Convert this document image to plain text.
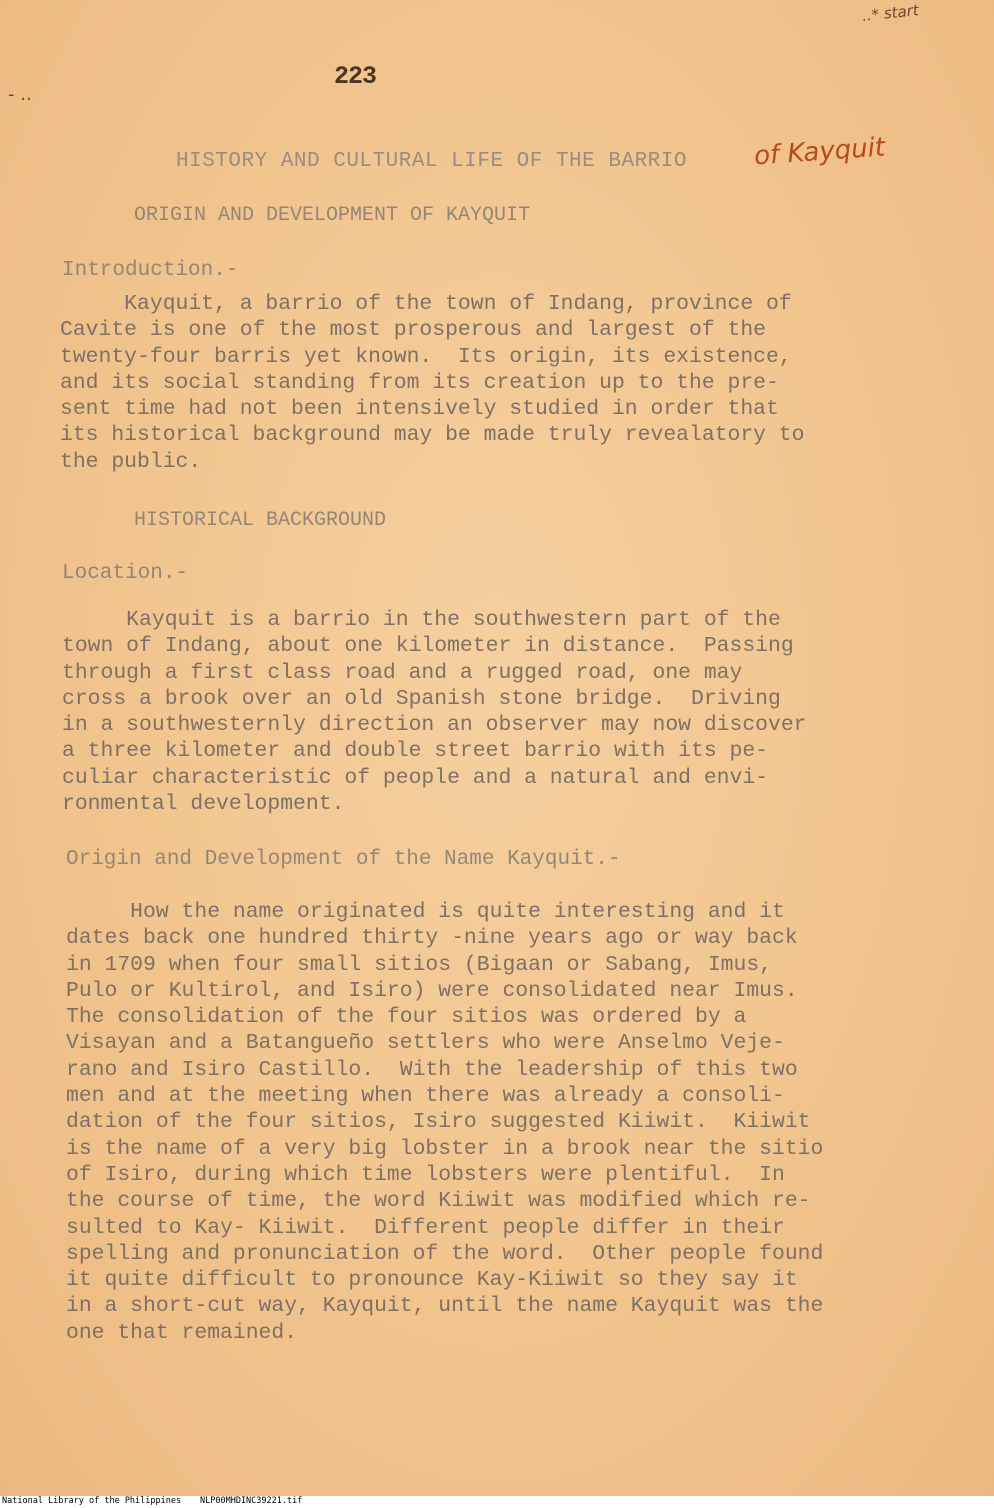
..* start
- ..
223
HISTORY AND CULTURAL LIFE OF THE BARRIO	of Kayquit
ORIGIN AND DEVELOPMENT OF KAYQUIT
Introduction.-
Kayquit, a barrio of the town of Indang, province of
Cavite is one of the most prosperous and largest of the
twenty-four barris yet known.  Its origin, its existence,
and its social standing from its creation up to the pre-
sent time had not been intensively studied in order that
its historical background may be made truly revealatory to
the public.
HISTORICAL BACKGROUND
Location.-
Kayquit is a barrio in the southwestern part of the
town of Indang, about one kilometer in distance.  Passing
through a first class road and a rugged road, one may
cross a brook over an old Spanish stone bridge.  Driving
in a southwesternly direction an observer may now discover
a three kilometer and double street barrio with its pe-
culiar characteristic of people and a natural and envi-
ronmental development.
Origin and Development of the Name Kayquit.-
How the name originated is quite interesting and it
dates back one hundred thirty -nine years ago or way back
in 1709 when four small sitios (Bigaan or Sabang, Imus,
Pulo or Kultirol, and Isiro) were consolidated near Imus.
The consolidation of the four sitios was ordered by a
Visayan and a Batangueño settlers who were Anselmo Veje-
rano and Isiro Castillo.  With the leadership of this two
men and at the meeting when there was already a consoli-
dation of the four sitios, Isiro suggested Kiiwit.  Kiiwit
is the name of a very big lobster in a brook near the sitio
of Isiro, during which time lobsters were plentiful.  In
the course of time, the word Kiiwit was modified which re-
sulted to Kay- Kiiwit.  Different people differ in their
spelling and pronunciation of the word.  Other people found
it quite difficult to pronounce Kay-Kiiwit so they say it
in a short-cut way, Kayquit, until the name Kayquit was the
one that remained.
National Library of the Philippines NLP00MHDINC39221.tif
